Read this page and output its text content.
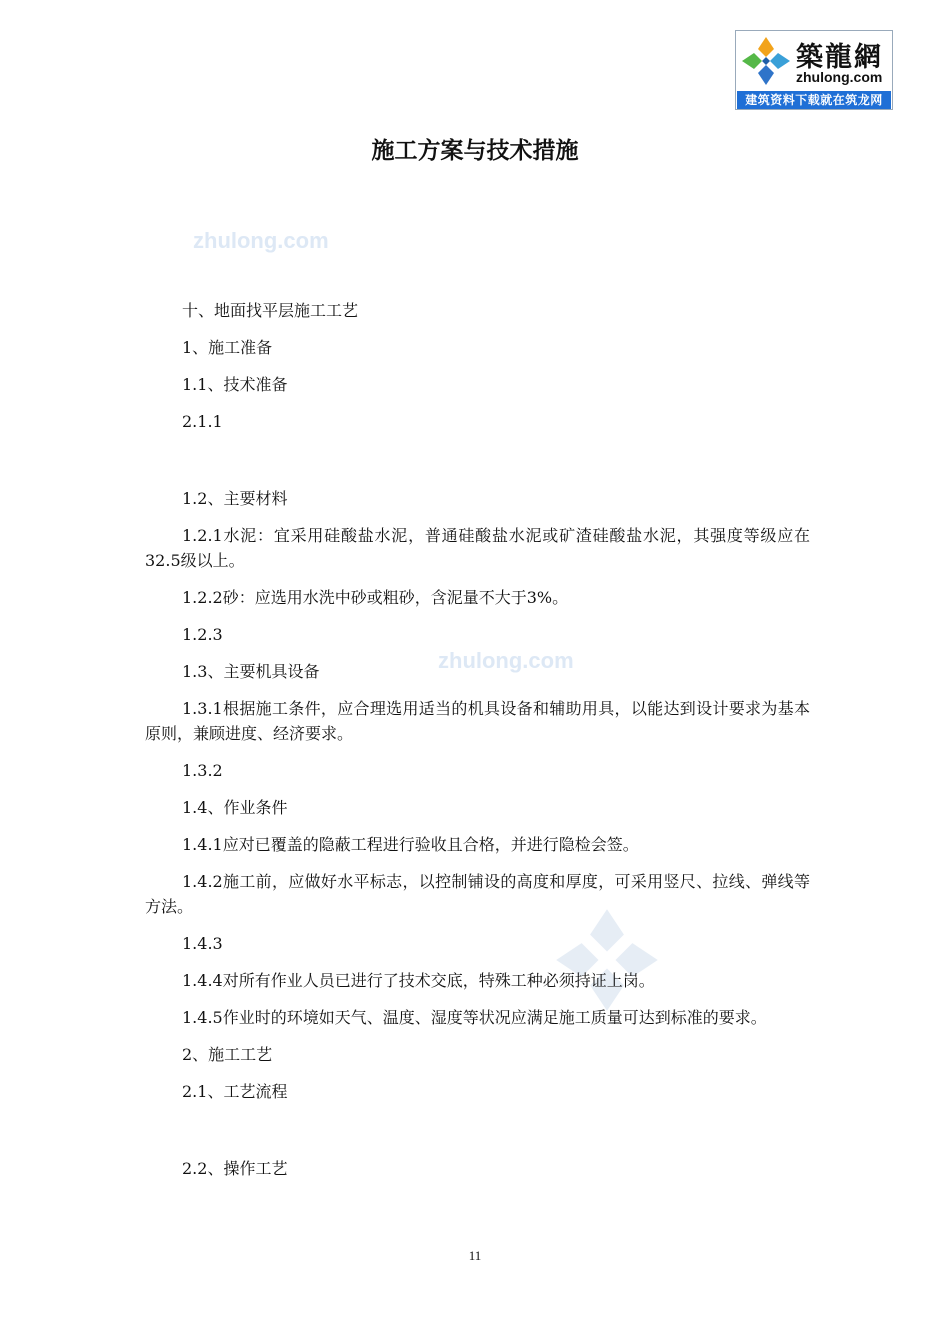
築龍網
zhulong.com
建筑资料下载就在筑龙网
施工方案与技术措施
zhulong.com
zhulong.com

十、地面找平层施工工艺

1、施工准备

1.1、技术准备

2.1.1

1.2、主要材料

1.2.1水泥：宜采用硅酸盐水泥，普通硅酸盐水泥或矿渣硅酸盐水泥，其强度等级应在32.5级以上。

1.2.2砂：应选用水洗中砂或粗砂，含泥量不大于3%。

1.2.3

1.3、主要机具设备

1.3.1根据施工条件，应合理选用适当的机具设备和辅助用具，以能达到设计要求为基本原则，兼顾进度、经济要求。

1.3.2

1.4、作业条件

1.4.1应对已覆盖的隐蔽工程进行验收且合格，并进行隐检会签。

1.4.2施工前，应做好水平标志，以控制铺设的高度和厚度，可采用竖尺、拉线、弹线等方法。

1.4.3

1.4.4对所有作业人员已进行了技术交底，特殊工种必须持证上岗。

1.4.5作业时的环境如天气、温度、湿度等状况应满足施工质量可达到标准的要求。

2、施工工艺

2.1、工艺流程

2.2、操作工艺

11
